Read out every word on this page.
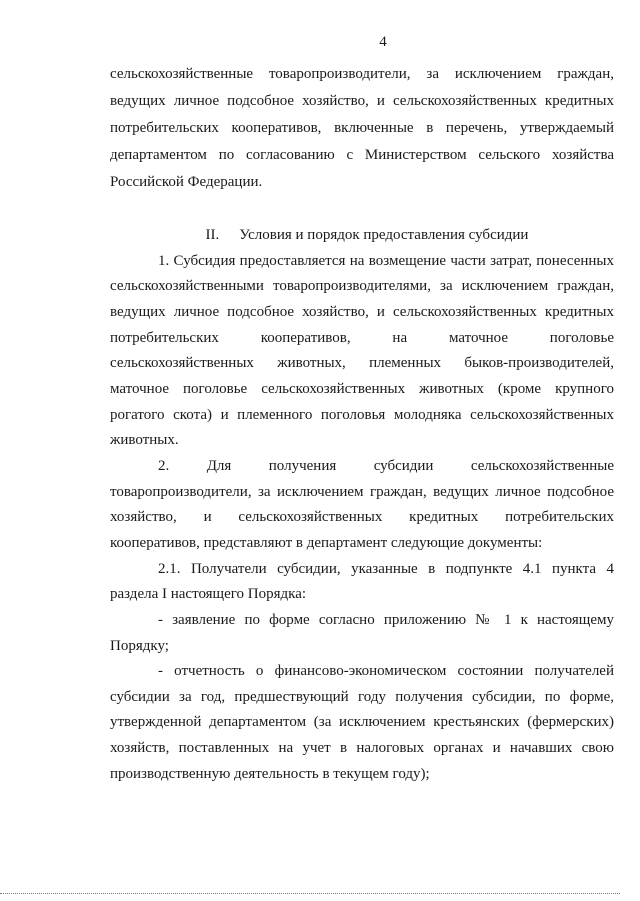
4
сельскохозяйственные товаропроизводители, за исключением граждан,
ведущих личное подсобное хозяйство, и сельскохозяйственных кредитных
потребительских кооперативов, включенные в перечень, утверждаемый
департаментом по согласованию с Министерством сельского хозяйства
Российской Федерации.
II. Условия и порядок предоставления субсидии
1. Субсидия предоставляется на возмещение части затрат, понесенных
сельскохозяйственными товаропроизводителями, за исключением граждан,
ведущих личное подсобное хозяйство, и сельскохозяйственных кредитных
потребительских кооперативов, на маточное поголовье
сельскохозяйственных животных, племенных быков-производителей,
маточное поголовье сельскохозяйственных животных (кроме крупного
рогатого скота) и племенного поголовья молодняка сельскохозяйственных
животных.
2. Для получения субсидии сельскохозяйственные
товаропроизводители, за исключением граждан, ведущих личное подсобное
хозяйство, и сельскохозяйственных кредитных потребительских
кооперативов, представляют в департамент следующие документы:
2.1. Получатели субсидии, указанные в подпункте 4.1 пункта 4
раздела I настоящего Порядка:
- заявление по форме согласно приложению № 1 к настоящему
Порядку;
- отчетность о финансово-экономическом состоянии получателей
субсидии за год, предшествующий году получения субсидии, по форме,
утвержденной департаментом (за исключением крестьянских (фермерских)
хозяйств, поставленных на учет в налоговых органах и начавших свою
производственную деятельность в текущем году);
